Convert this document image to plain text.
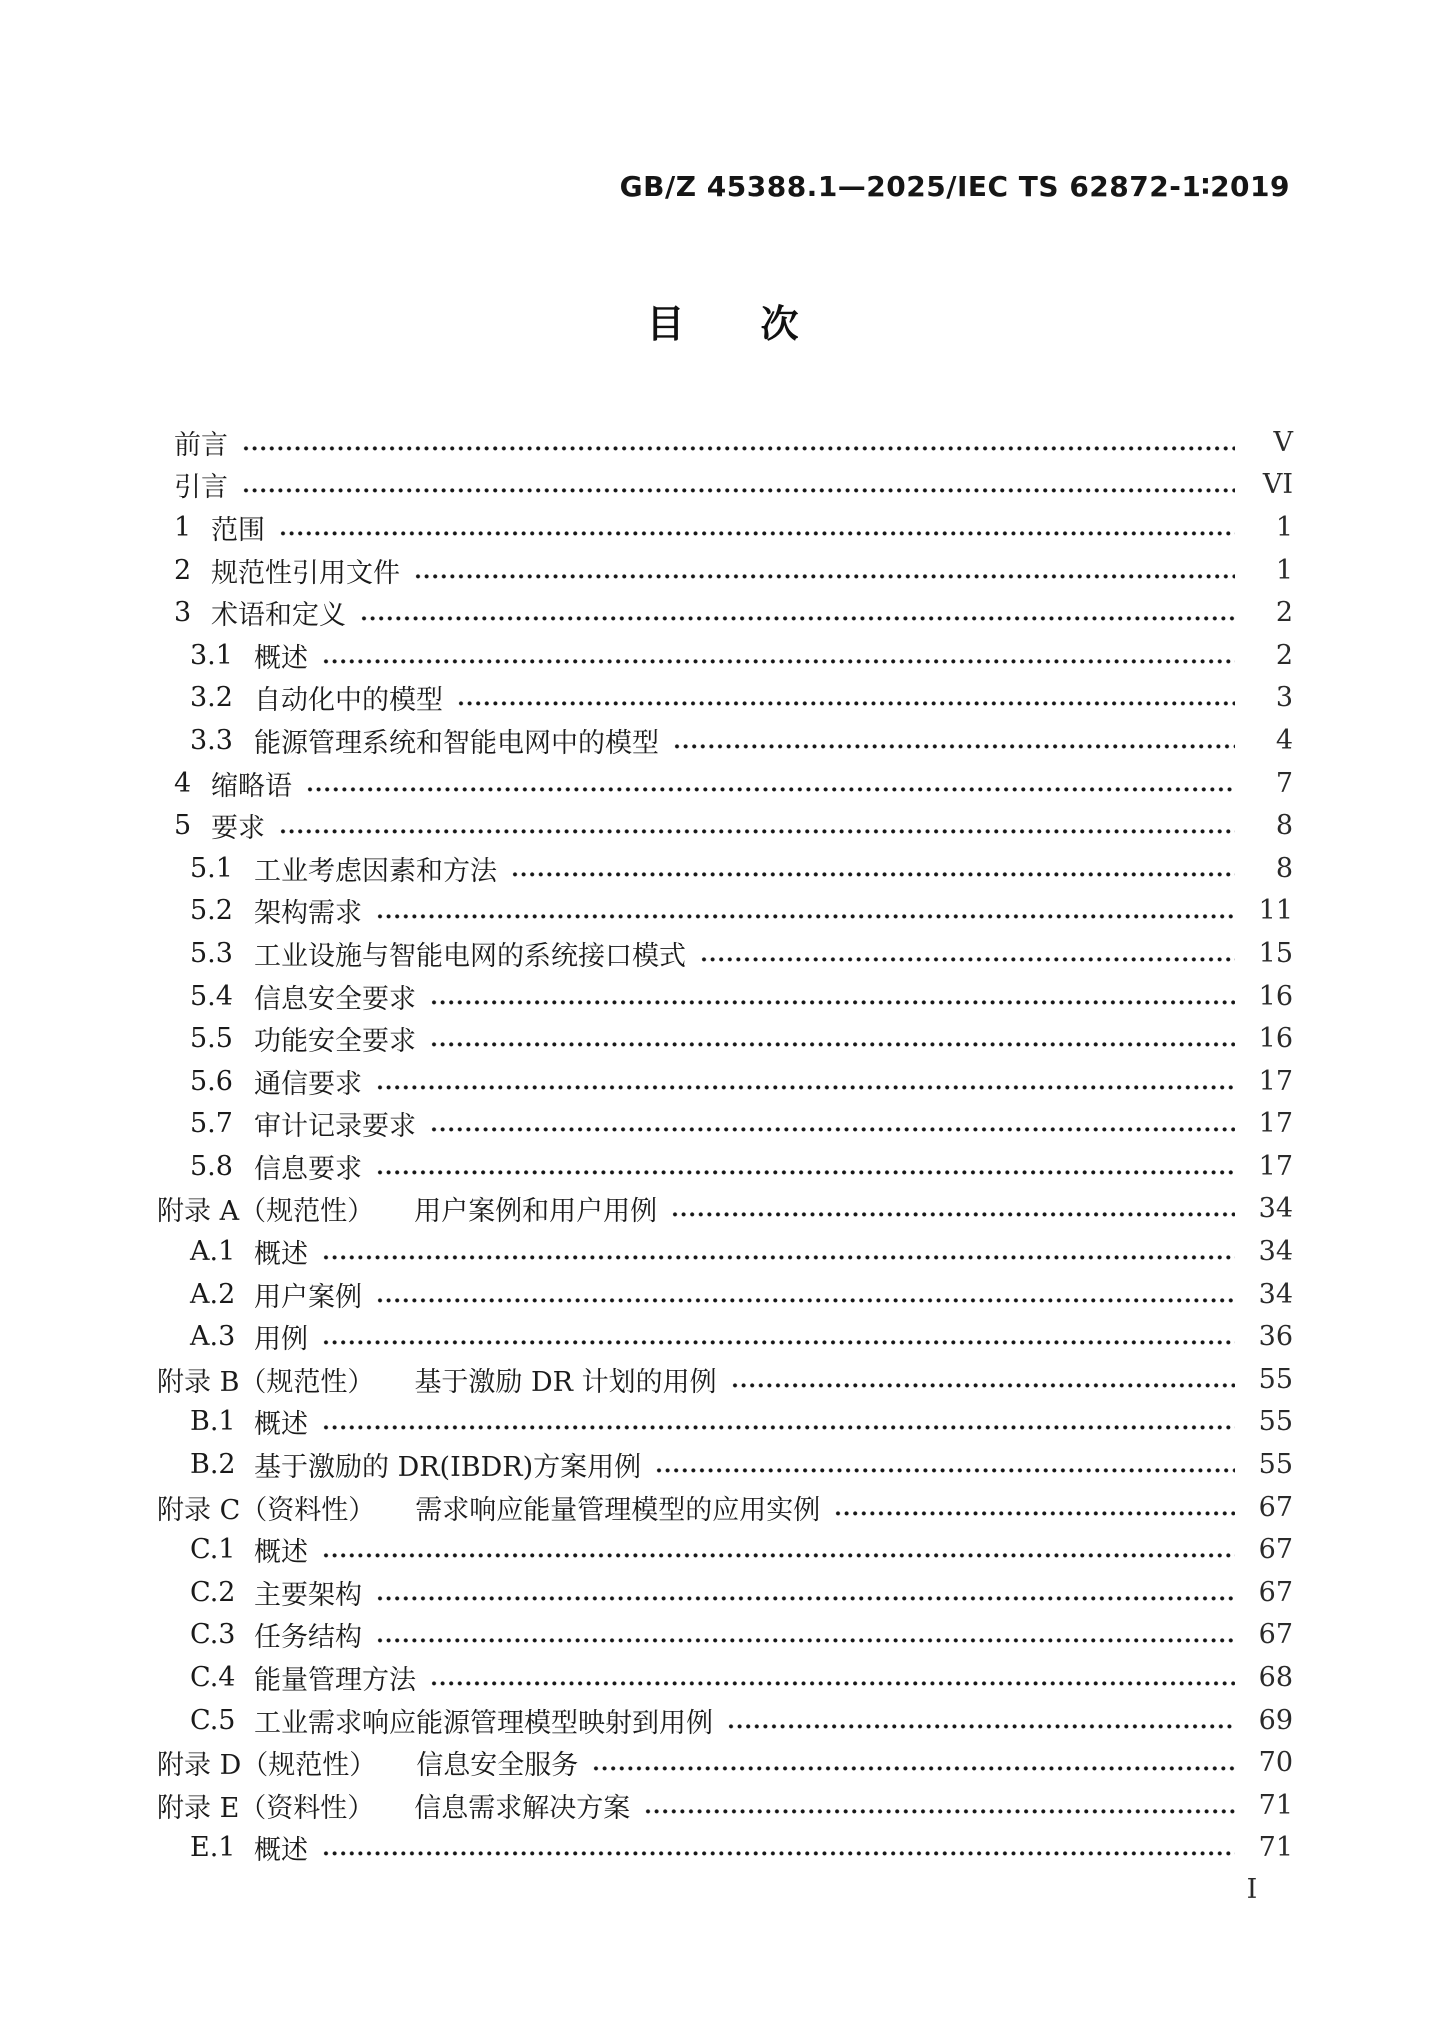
GB/Z 45388.1—2025/IEC TS 62872-1∶2019
目　　次
前言	V
引言	VI
1 范围	1
2 规范性引用文件	1
3 术语和定义	2
3.1 概述	2
3.2 自动化中的模型	3
3.3 能源管理系统和智能电网中的模型	4
4 缩略语	7
5 要求	8
5.1 工业考虑因素和方法	8
5.2 架构需求	11
5.3 工业设施与智能电网的系统接口模式	15
5.4 信息安全要求	16
5.5 功能安全要求	16
5.6 通信要求	17
5.7 审计记录要求	17
5.8 信息要求	17
附录 A（规范性） 用户案例和用户用例	34
A.1 概述	34
A.2 用户案例	34
A.3 用例	36
附录 B（规范性） 基于激励 DR 计划的用例	55
B.1 概述	55
B.2 基于激励的 DR(IBDR)方案用例	55
附录 C（资料性） 需求响应能量管理模型的应用实例	67
C.1 概述	67
C.2 主要架构	67
C.3 任务结构	67
C.4 能量管理方法	68
C.5 工业需求响应能源管理模型映射到用例	69
附录 D（规范性） 信息安全服务	70
附录 E（资料性） 信息需求解决方案	71
E.1 概述	71
I
